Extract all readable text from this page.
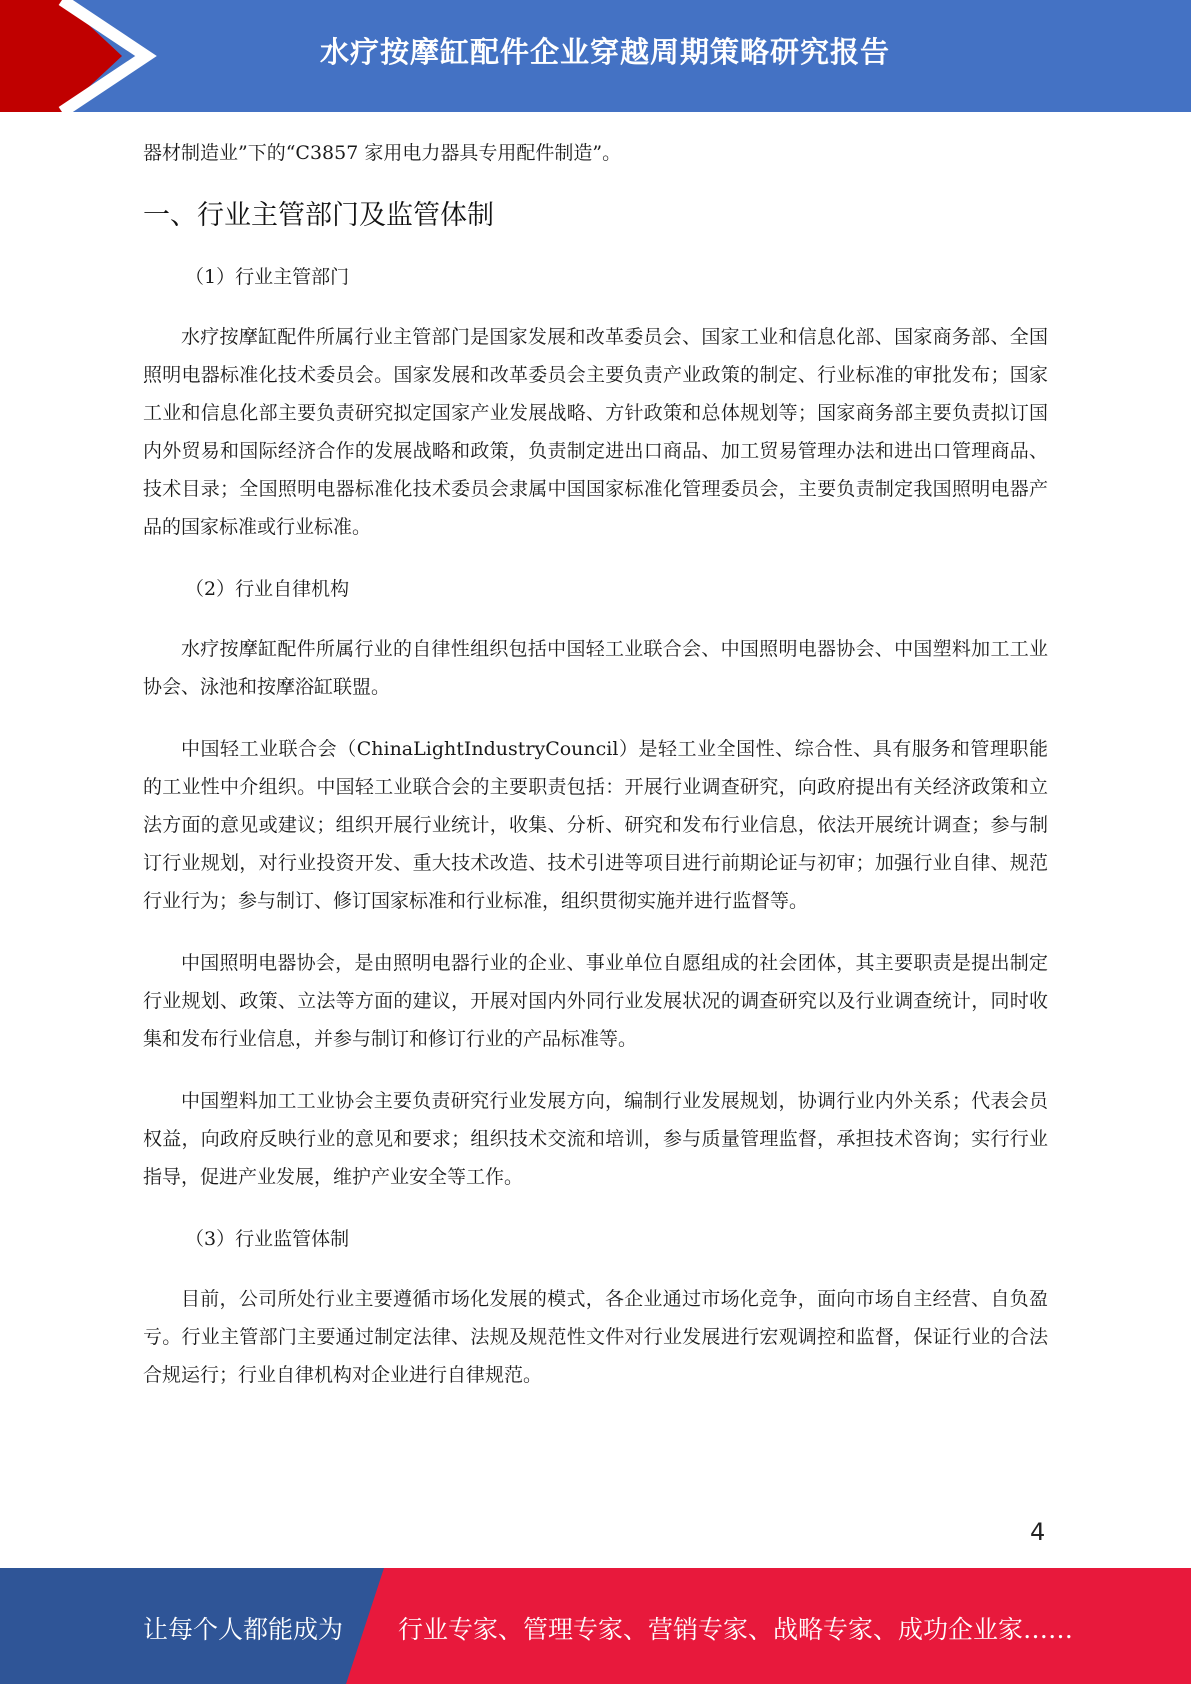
水疗按摩缸配件企业穿越周期策略研究报告

器材制造业”下的“C3857 家用电力器具专用配件制造”。

一、行业主管部门及监管体制
（1）行业主管部门

水疗按摩缸配件所属行业主管部门是国家发展和改革委员会、国家工业和信息化部、国家商务部、全国照明电器标准化技术委员会。国家发展和改革委员会主要负责产业政策的制定、行业标准的审批发布；国家工业和信息化部主要负责研究拟定国家产业发展战略、方针政策和总体规划等；国家商务部主要负责拟订国内外贸易和国际经济合作的发展战略和政策，负责制定进出口商品、加工贸易管理办法和进出口管理商品、技术目录；全国照明电器标准化技术委员会隶属中国国家标准化管理委员会，主要负责制定我国照明电器产品的国家标准或行业标准。

（2）行业自律机构

水疗按摩缸配件所属行业的自律性组织包括中国轻工业联合会、中国照明电器协会、中国塑料加工工业协会、泳池和按摩浴缸联盟。

中国轻工业联合会（ChinaLightIndustryCouncil）是轻工业全国性、综合性、具有服务和管理职能的工业性中介组织。中国轻工业联合会的主要职责包括：开展行业调查研究，向政府提出有关经济政策和立法方面的意见或建议；组织开展行业统计，收集、分析、研究和发布行业信息，依法开展统计调查；参与制订行业规划，对行业投资开发、重大技术改造、技术引进等项目进行前期论证与初审；加强行业自律、规范行业行为；参与制订、修订国家标准和行业标准，组织贯彻实施并进行监督等。

中国照明电器协会，是由照明电器行业的企业、事业单位自愿组成的社会团体，其主要职责是提出制定行业规划、政策、立法等方面的建议，开展对国内外同行业发展状况的调查研究以及行业调查统计，同时收集和发布行业信息，并参与制订和修订行业的产品标准等。

中国塑料加工工业协会主要负责研究行业发展方向，编制行业发展规划，协调行业内外关系；代表会员权益，向政府反映行业的意见和要求；组织技术交流和培训，参与质量管理监督，承担技术咨询；实行行业指导，促进产业发展，维护产业安全等工作。

（3）行业监管体制

目前，公司所处行业主要遵循市场化发展的模式，各企业通过市场化竞争，面向市场自主经营、自负盈亏。行业主管部门主要通过制定法律、法规及规范性文件对行业发展进行宏观调控和监督，保证行业的合法合规运行；行业自律机构对企业进行自律规范。

4
让每个人都能成为 行业专家、管理专家、营销专家、战略专家、成功企业家……
